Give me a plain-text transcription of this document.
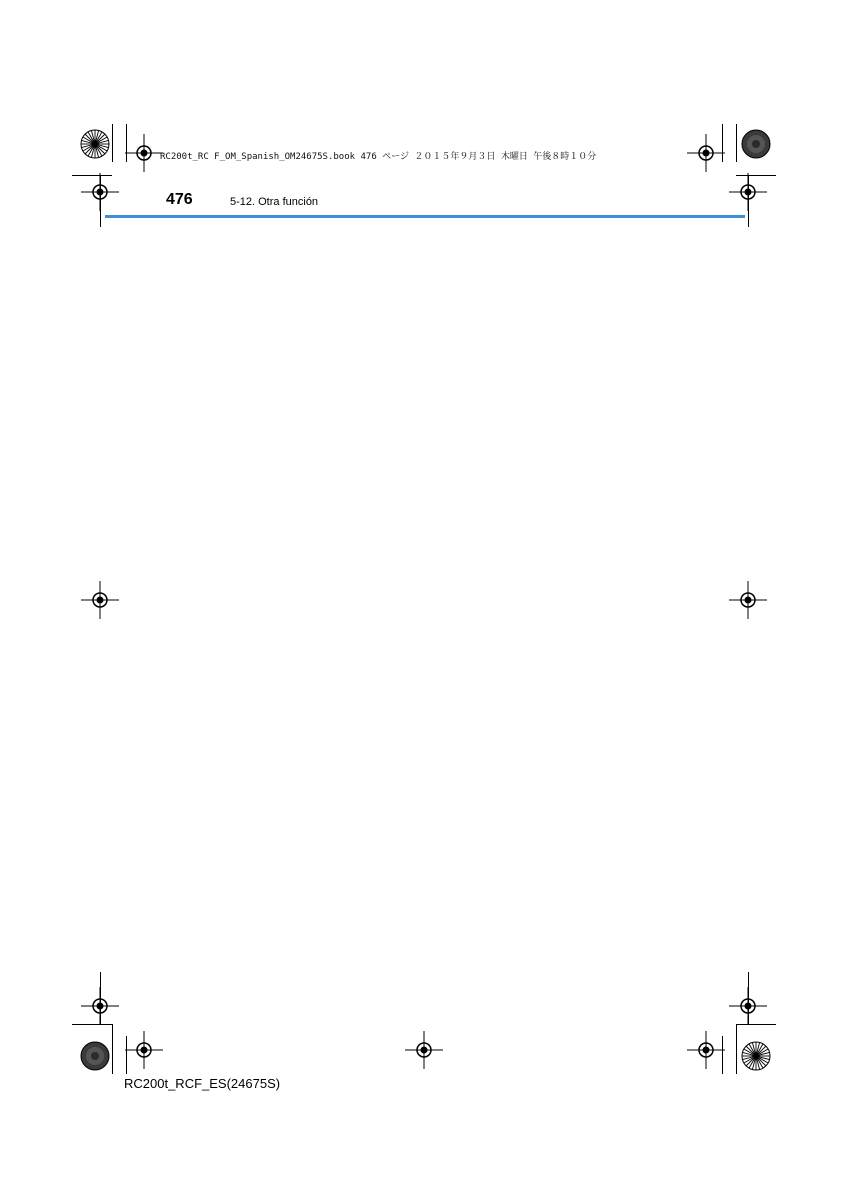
RC200t_RC F_OM_Spanish_OM24675S.book 476 ページ ２０１５年９月３日 木曜日 午後８時１０分
476	5-12. Otra función
RC200t_RCF_ES(24675S)
